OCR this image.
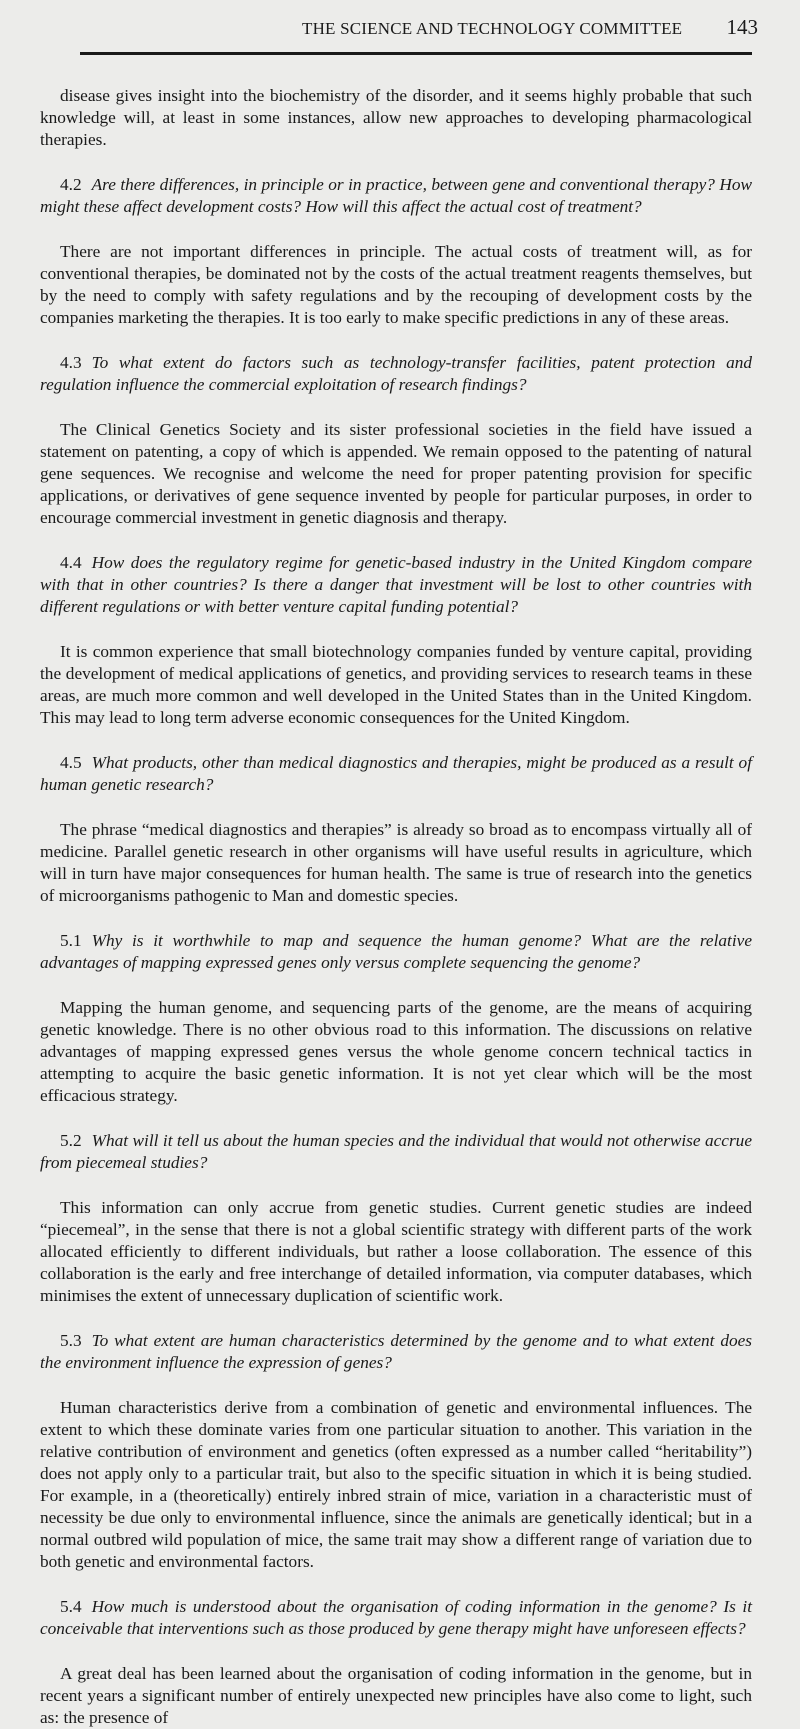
THE SCIENCE AND TECHNOLOGY COMMITTEE 143

disease gives insight into the biochemistry of the disorder, and it seems highly probable that such knowledge will, at least in some instances, allow new approaches to developing pharmacological therapies.

4.2 Are there differences, in principle or in practice, between gene and conventional therapy? How might these affect development costs? How will this affect the actual cost of treatment?

There are not important differences in principle. The actual costs of treatment will, as for conventional therapies, be dominated not by the costs of the actual treatment reagents themselves, but by the need to comply with safety regulations and by the recouping of development costs by the companies marketing the therapies. It is too early to make specific predictions in any of these areas.

4.3 To what extent do factors such as technology-transfer facilities, patent protection and regulation influence the commercial exploitation of research findings?

The Clinical Genetics Society and its sister professional societies in the field have issued a statement on patenting, a copy of which is appended. We remain opposed to the patenting of natural gene sequences. We recognise and welcome the need for proper patenting provision for specific applications, or derivatives of gene sequence invented by people for particular purposes, in order to encourage commercial investment in genetic diagnosis and therapy.

4.4 How does the regulatory regime for genetic-based industry in the United Kingdom compare with that in other countries? Is there a danger that investment will be lost to other countries with different regulations or with better venture capital funding potential?

It is common experience that small biotechnology companies funded by venture capital, providing the development of medical applications of genetics, and providing services to research teams in these areas, are much more common and well developed in the United States than in the United Kingdom. This may lead to long term adverse economic consequences for the United Kingdom.

4.5 What products, other than medical diagnostics and therapies, might be produced as a result of human genetic research?

The phrase “medical diagnostics and therapies” is already so broad as to encompass virtually all of medicine. Parallel genetic research in other organisms will have useful results in agriculture, which will in turn have major consequences for human health. The same is true of research into the genetics of microorganisms pathogenic to Man and domestic species.

5.1 Why is it worthwhile to map and sequence the human genome? What are the relative advantages of mapping expressed genes only versus complete sequencing the genome?

Mapping the human genome, and sequencing parts of the genome, are the means of acquiring genetic knowledge. There is no other obvious road to this information. The discussions on relative advantages of mapping expressed genes versus the whole genome concern technical tactics in attempting to acquire the basic genetic information. It is not yet clear which will be the most efficacious strategy.

5.2 What will it tell us about the human species and the individual that would not otherwise accrue from piecemeal studies?

This information can only accrue from genetic studies. Current genetic studies are indeed “piecemeal”, in the sense that there is not a global scientific strategy with different parts of the work allocated efficiently to different individuals, but rather a loose collaboration. The essence of this collaboration is the early and free interchange of detailed information, via computer databases, which minimises the extent of unnecessary duplication of scientific work.

5.3 To what extent are human characteristics determined by the genome and to what extent does the environment influence the expression of genes?

Human characteristics derive from a combination of genetic and environmental influences. The extent to which these dominate varies from one particular situation to another. This variation in the relative contribution of environment and genetics (often expressed as a number called “heritability”) does not apply only to a particular trait, but also to the specific situation in which it is being studied. For example, in a (theoretically) entirely inbred strain of mice, variation in a characteristic must of necessity be due only to environmental influence, since the animals are genetically identical; but in a normal outbred wild population of mice, the same trait may show a different range of variation due to both genetic and environmental factors.

5.4 How much is understood about the organisation of coding information in the genome? Is it conceivable that interventions such as those produced by gene therapy might have unforeseen effects?

A great deal has been learned about the organisation of coding information in the genome, but in recent years a significant number of entirely unexpected new principles have also come to light, such as: the presence of
